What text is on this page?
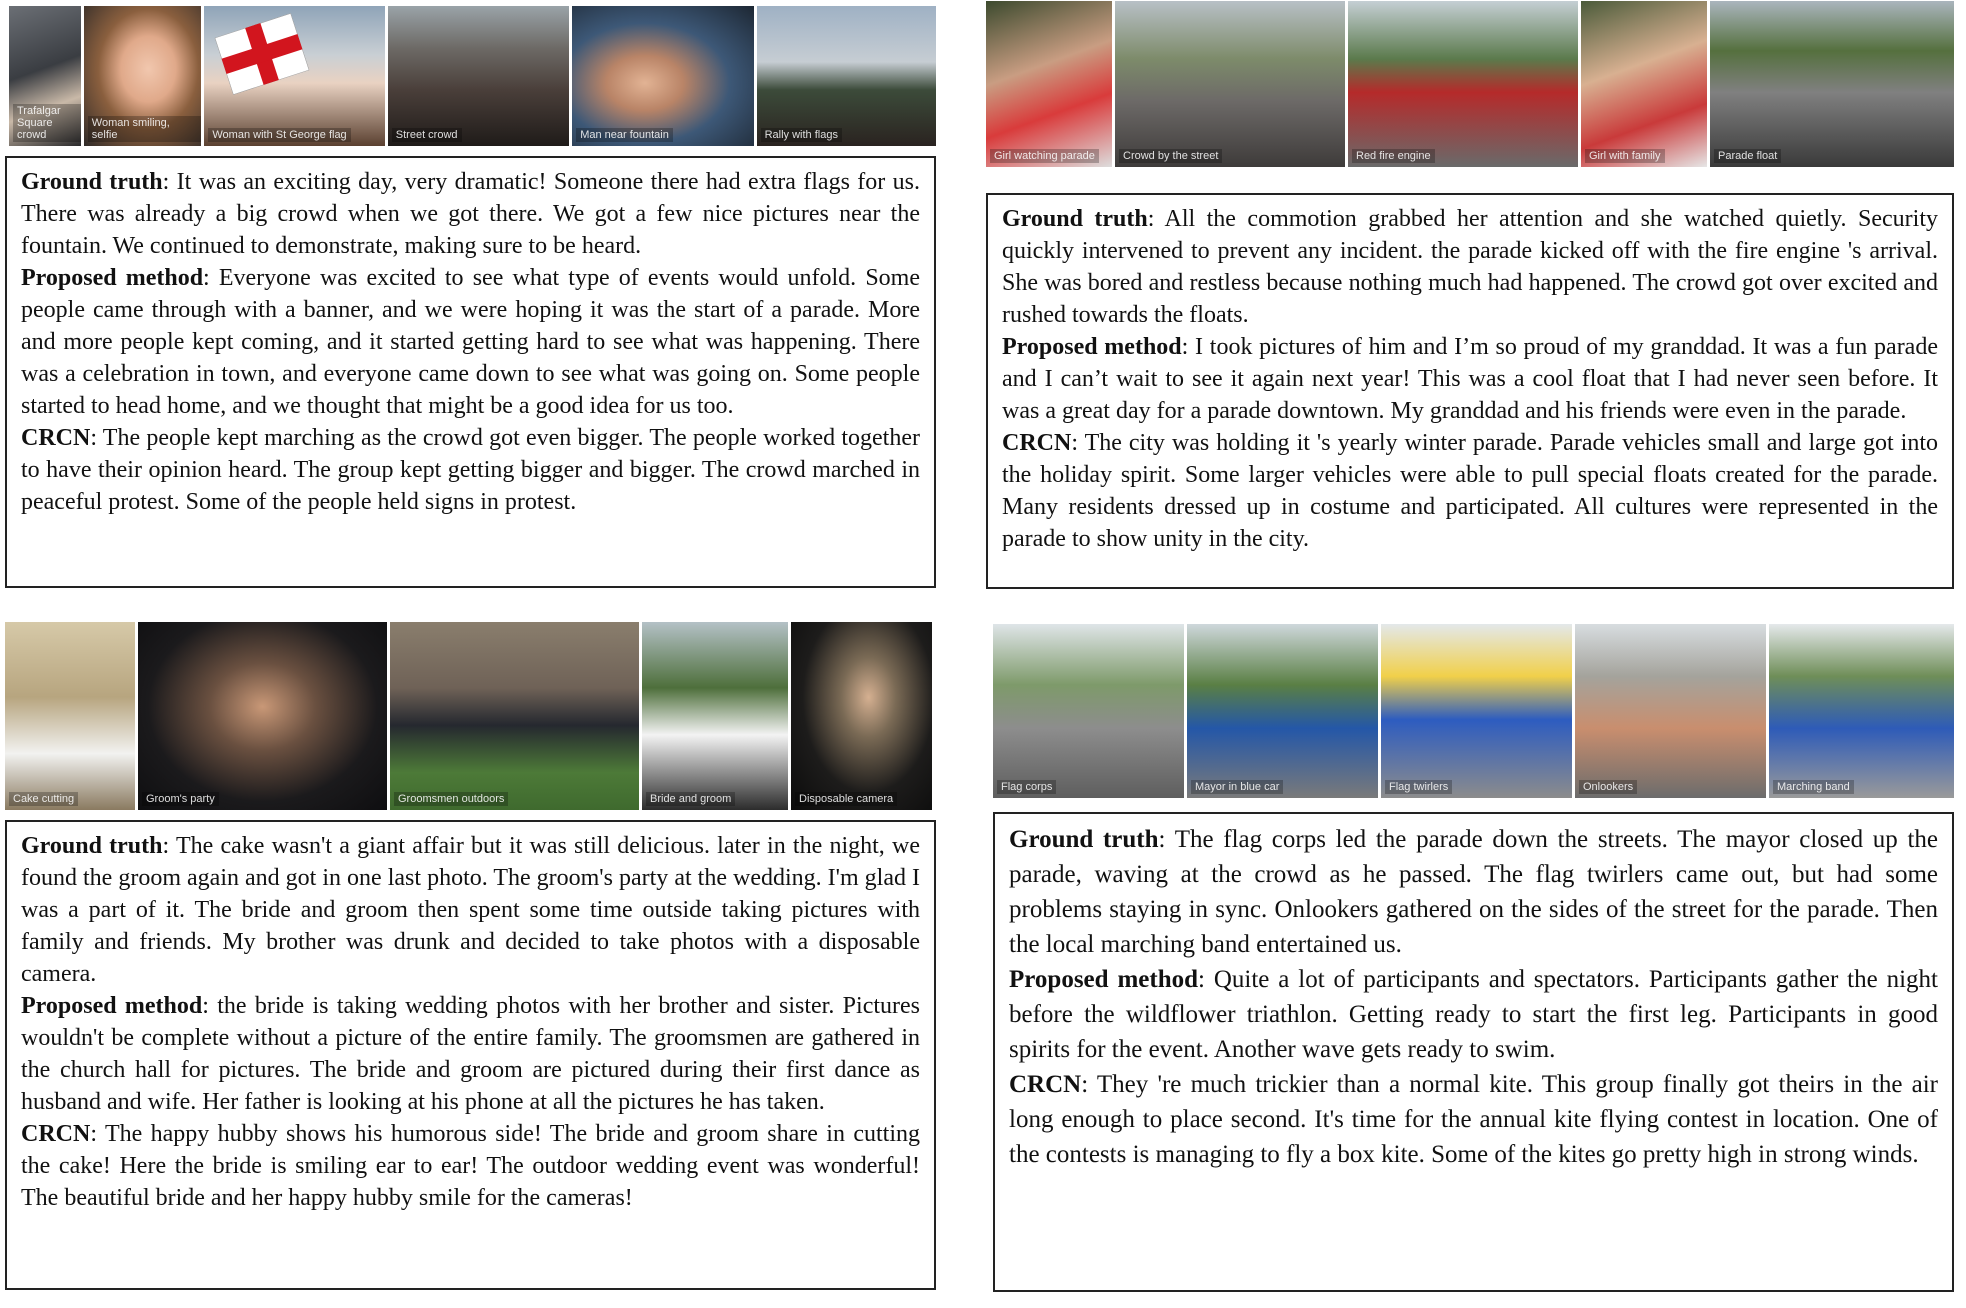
Trafalgar Square crowd
Woman smiling, selfie	Woman with St George flag	Street crowd	Man near fountain	Rally with flags

Ground truth: It was an exciting day, very dramatic! Someone there had extra flags for us. There was already a big crowd when we got there. We got a few nice pictures near the fountain. We continued to demonstrate, making sure to be heard.

Proposed method: Everyone was excited to see what type of events would unfold. Some people came through with a banner, and we were hoping it was the start of a parade. More and more people kept coming, and it started getting hard to see what was happening. There was a celebration in town, and everyone came down to see what was going on. Some people started to head home, and we thought that might be a good idea for us too.

CRCN: The people kept marching as the crowd got even bigger. The people worked together to have their opinion heard. The group kept getting bigger and bigger. The crowd marched in peaceful protest. Some of the people held signs in protest.

Girl watching parade	Crowd by the street	Red fire engine	Girl with family	Parade float

Ground truth: All the commotion grabbed her attention and she watched quietly. Security quickly intervened to prevent any incident. the parade kicked off with the fire engine 's arrival. She was bored and restless because nothing much had happened. The crowd got over excited and rushed towards the floats.

Proposed method: I took pictures of him and I’m so proud of my granddad. It was a fun parade and I can’t wait to see it again next year! This was a cool float that I had never seen before. It was a great day for a parade downtown. My granddad and his friends were even in the parade.

CRCN: The city was holding it 's yearly winter parade. Parade vehicles small and large got into the holiday spirit. Some larger vehicles were able to pull special floats created for the parade. Many residents dressed up in costume and participated. All cultures were represented in the parade to show unity in the city.

Cake cutting	Groom's party	Groomsmen outdoors	Bride and groom	Disposable camera

Ground truth: The cake wasn't a giant affair but it was still delicious. later in the night, we found the groom again and got in one last photo. The groom's party at the wedding. I'm glad I was a part of it. The bride and groom then spent some time outside taking pictures with family and friends. My brother was drunk and decided to take photos with a disposable camera.

Proposed method: the bride is taking wedding photos with her brother and sister. Pictures wouldn't be complete without a picture of the entire family. The groomsmen are gathered in the church hall for pictures. The bride and groom are pictured during their first dance as husband and wife. Her father is looking at his phone at all the pictures he has taken.

CRCN: The happy hubby shows his humorous side! The bride and groom share in cutting the cake! Here the bride is smiling ear to ear! The outdoor wedding event was wonderful! The beautiful bride and her happy hubby smile for the cameras!

Flag corps	Mayor in blue car	Flag twirlers	Onlookers	Marching band

Ground truth: The flag corps led the parade down the streets. The mayor closed up the parade, waving at the crowd as he passed. The flag twirlers came out, but had some problems staying in sync. Onlookers gathered on the sides of the street for the parade. Then the local marching band entertained us.

Proposed method: Quite a lot of participants and spectators. Participants gather the night before the wildflower triathlon. Getting ready to start the first leg. Participants in good spirits for the event. Another wave gets ready to swim.

CRCN: They 're much trickier than a normal kite. This group finally got theirs in the air long enough to place second. It's time for the annual kite flying contest in location. One of the contests is managing to fly a box kite. Some of the kites go pretty high in strong winds.
